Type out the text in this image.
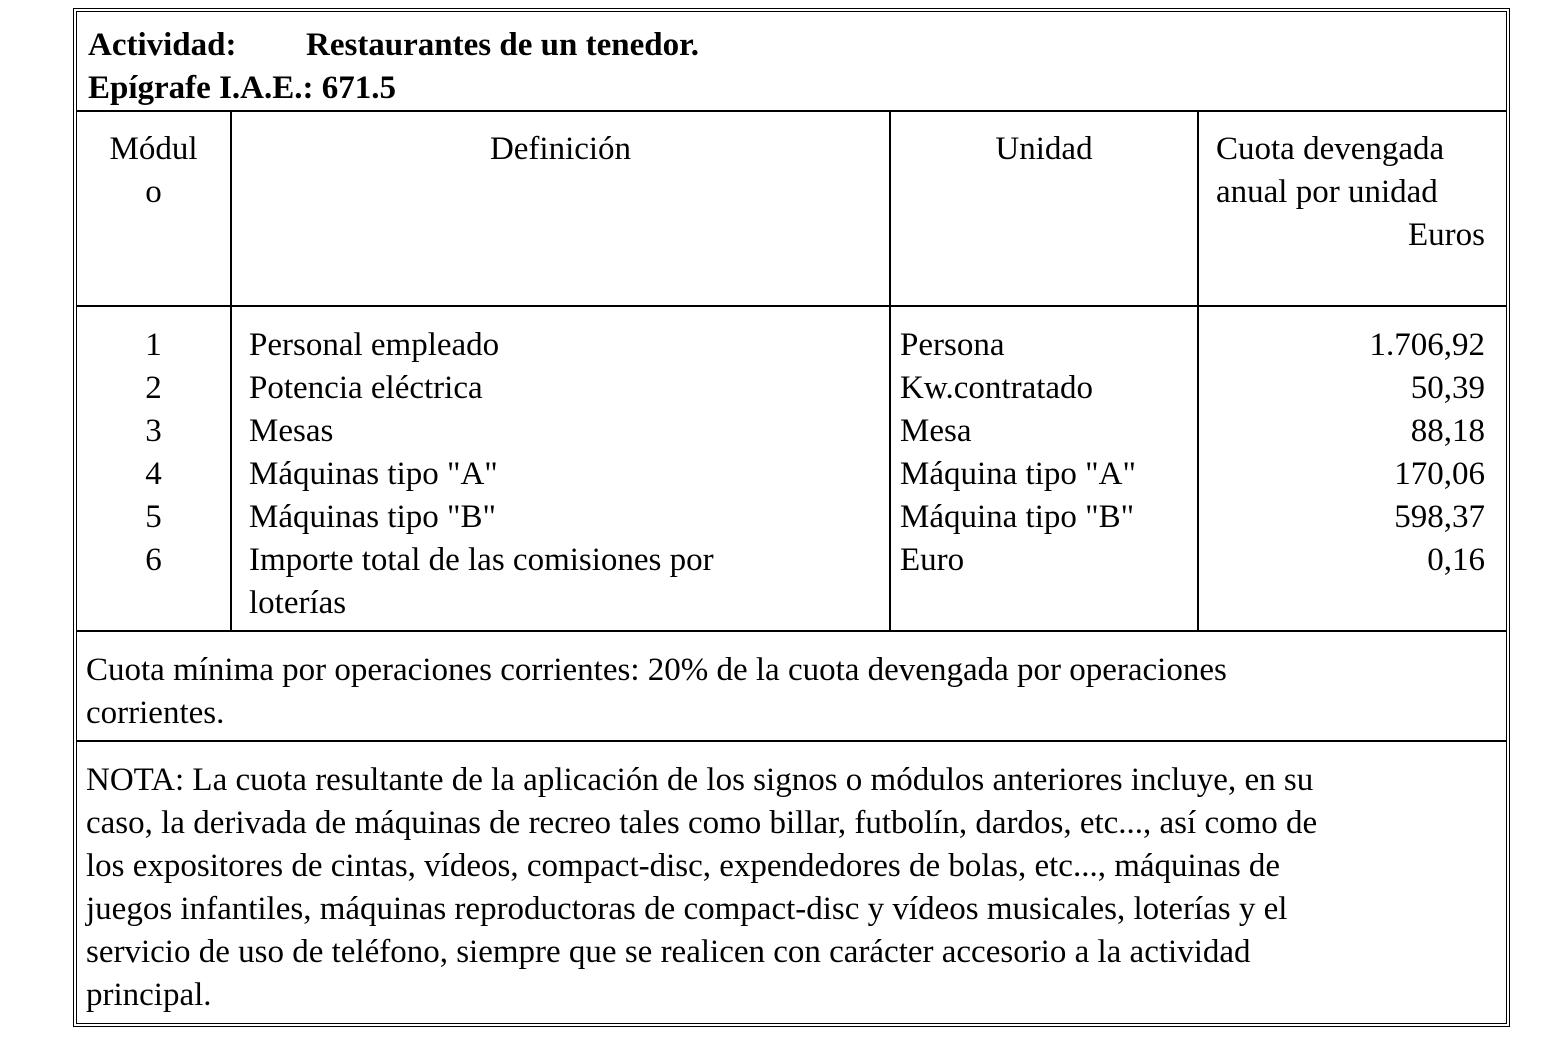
Actividad: Restaurantes de un tenedor.
Epígrafe I.A.E.: 671.5
Módul
o
Definición	Unidad	Cuota devengada
anual por unidad
Euros
1
2
3
4
5
6
Personal empleado
Potencia eléctrica
Mesas
Máquinas tipo "A"
Máquinas tipo "B"
Importe total de las comisiones por
loterías
Persona
Kw.contratado
Mesa
Máquina tipo "A"
Máquina tipo "B"
Euro
1.706,92
50,39
88,18
170,06
598,37
0,16
Cuota mínima por operaciones corrientes: 20% de la cuota devengada por operaciones
corrientes.
NOTA: La cuota resultante de la aplicación de los signos o módulos anteriores incluye, en su
caso, la derivada de máquinas de recreo tales como billar, futbolín, dardos, etc..., así como de
los expositores de cintas, vídeos, compact-disc, expendedores de bolas, etc..., máquinas de
juegos infantiles, máquinas reproductoras de compact-disc y vídeos musicales, loterías y el
servicio de uso de teléfono, siempre que se realicen con carácter accesorio a la actividad
principal.
